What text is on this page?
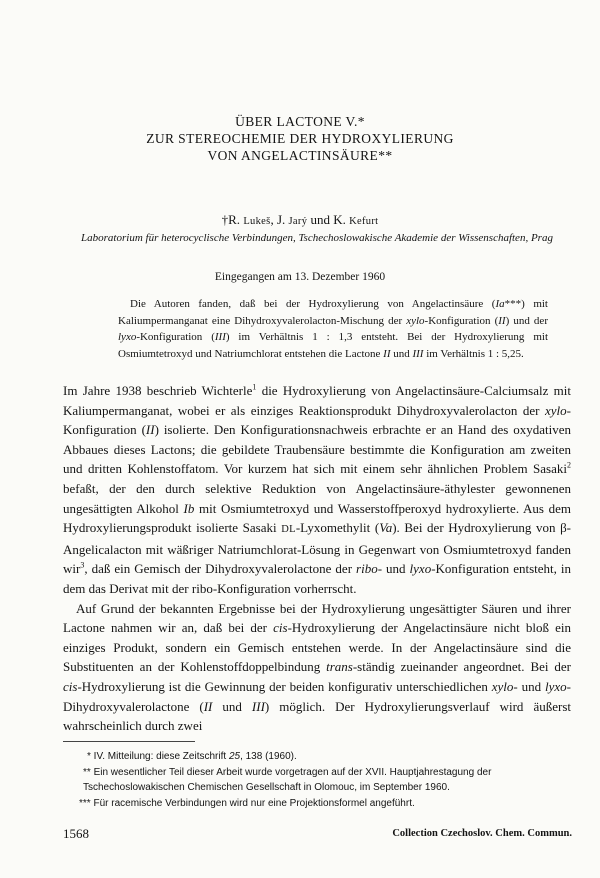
ÜBER LACTONE V.*
ZUR STEREOCHEMIE DER HYDROXYLIERUNG
VON ANGELACTINSÄURE**
†R. Lukeš, J. Jarý und K. Kefurt
Laboratorium für heterocyclische Verbindungen, Tschechoslowakische Akademie der Wissenschaften, Prag
Eingegangen am 13. Dezember 1960
Die Autoren fanden, daß bei der Hydroxylierung von Angelactinsäure (Ia***) mit Kaliumpermanganat eine Dihydroxyvalerolacton-Mischung der xylo-Konfiguration (II) und der lyxo-Konfiguration (III) im Verhältnis 1 : 1,3 entsteht. Bei der Hydroxylierung mit Osmiumtetroxyd und Natriumchlorat entstehen die Lactone II und III im Verhältnis 1 : 5,25.

Im Jahre 1938 beschrieb Wichterle$^1$ die Hydroxylierung von Angelactinsäure-Calciumsalz mit Kaliumpermanganat, wobei er als einziges Reaktionsprodukt Dihydroxyvalerolacton der xylo-Konfiguration (II) isolierte. Den Konfigurationsnachweis erbrachte er an Hand des oxydativen Abbaues dieses Lactons; die gebildete Traubensäure bestimmte die Konfiguration am zweiten und dritten Kohlenstoffatom. Vor kurzem hat sich mit einem sehr ähnlichen Problem Sasaki$^2$ befaßt, der den durch selektive Reduktion von Angelactinsäure-äthylester gewonnenen ungesättigten Alkohol Ib mit Osmiumtetroxyd und Wasserstoffperoxyd hydroxylierte. Aus dem Hydroxylierungsprodukt isolierte Sasaki DL-Lyxomethylit (Va). Bei der Hydroxylierung von β-Angelicalacton mit wäßriger Natriumchlorat-Lösung in Gegenwart von Osmiumtetroxyd fanden wir$^3$, daß ein Gemisch der Dihydroxyvalerolactone der ribo- und lyxo-Konfiguration entsteht, in dem das Derivat mit der ribo-Konfiguration vorherrscht.

Auf Grund der bekannten Ergebnisse bei der Hydroxylierung ungesättigter Säuren und ihrer Lactone nahmen wir an, daß bei der cis-Hydroxylierung der Angelactinsäure nicht bloß ein einziges Produkt, sondern ein Gemisch entstehen werde. In der Angelactinsäure sind die Substituenten an der Kohlenstoffdoppelbindung trans-ständig zueinander angeordnet. Bei der cis-Hydroxylierung ist die Gewinnung der beiden konfigurativ unterschiedlichen xylo- und lyxo-Dihydroxyvalerolactone (II und III) möglich. Der Hydroxylierungsverlauf wird äußerst wahrscheinlich durch zwei

* IV. Mitteilung: diese Zeitschrift 25, 138 (1960).
** Ein wesentlicher Teil dieser Arbeit wurde vorgetragen auf der XVII. Hauptjahrestagung der Tschechoslowakischen Chemischen Gesellschaft in Olomouc, im September 1960.
*** Für racemische Verbindungen wird nur eine Projektionsformel angeführt.
1568	Collection Czechoslov. Chem. Commun.
